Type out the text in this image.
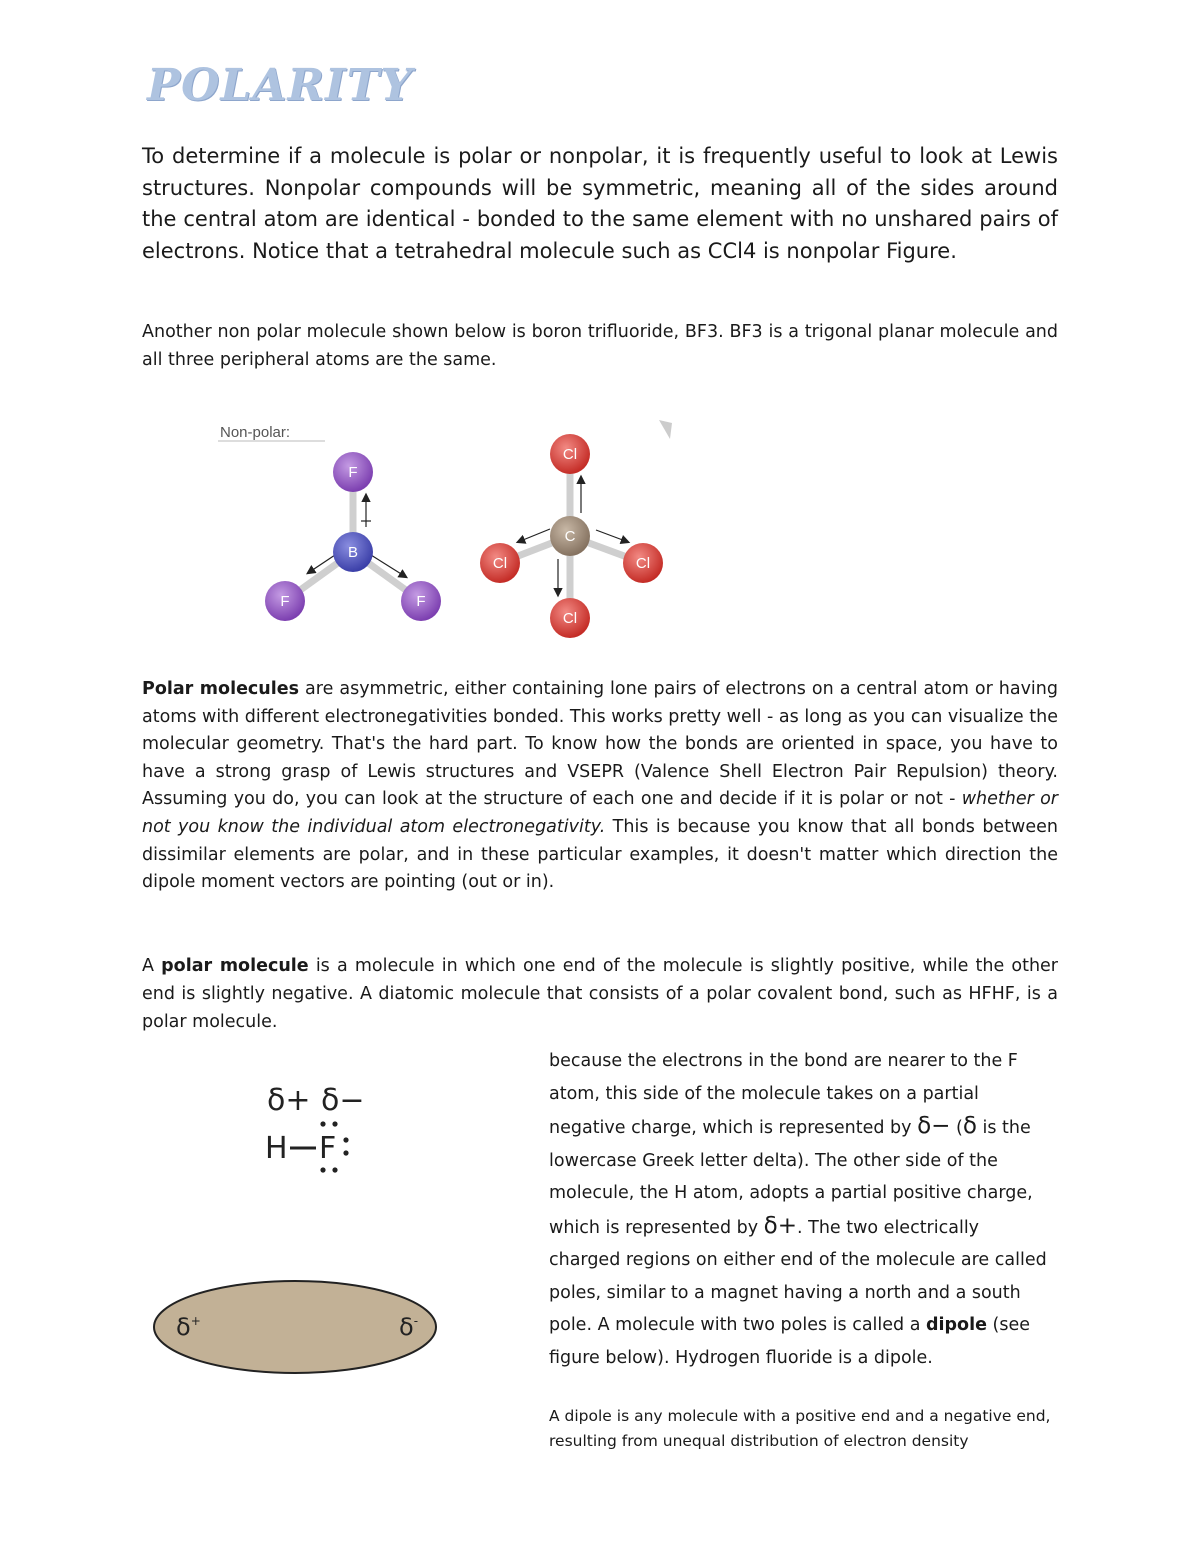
POLARITY

To determine if a molecule is polar or nonpolar, it is frequently useful to look at Lewis structures. Nonpolar compounds will be symmetric, meaning all of the sides around the central atom are identical - bonded to the same element with no unshared pairs of electrons. Notice that a tetrahedral molecule such as CCl4 is nonpolar Figure.

Another non polar molecule shown below is boron trifluoride, BF3. BF3 is a trigonal planar molecule and all three peripheral atoms are the same.

Non-polar:
F
F	F
B
Cl
Cl	Cl
Cl
C

Polar molecules are asymmetric, either containing lone pairs of electrons on a central atom or having atoms with different electronegativities bonded. This works pretty well - as long as you can visualize the molecular geometry. That's the hard part. To know how the bonds are oriented in space, you have to have a strong grasp of Lewis structures and VSEPR (Valence Shell Electron Pair Repulsion) theory. Assuming you do, you can look at the structure of each one and decide if it is polar or not - whether or not you know the individual atom electronegativity. This is because you know that all bonds between dissimilar elements are polar, and in these particular examples, it doesn't matter which direction the dipole moment vectors are pointing (out or in).

A polar molecule is a molecule in which one end of the molecule is slightly positive, while the other end is slightly negative. A diatomic molecule that consists of a polar covalent bond, such as HFHF, is a polar molecule.

δ+ δ−
H F
δ+	δ-

because the electrons in the bond are nearer to the F atom, this side of the molecule takes on a partial negative charge, which is represented by δ− (δ is the lowercase Greek letter delta). The other side of the molecule, the H atom, adopts a partial positive charge, which is represented by δ+. The two electrically charged regions on either end of the molecule are called poles, similar to a magnet having a north and a south pole. A molecule with two poles is called a dipole (see figure below). Hydrogen fluoride is a dipole.

A dipole is any molecule with a positive end and a negative end, resulting from unequal distribution of electron density
